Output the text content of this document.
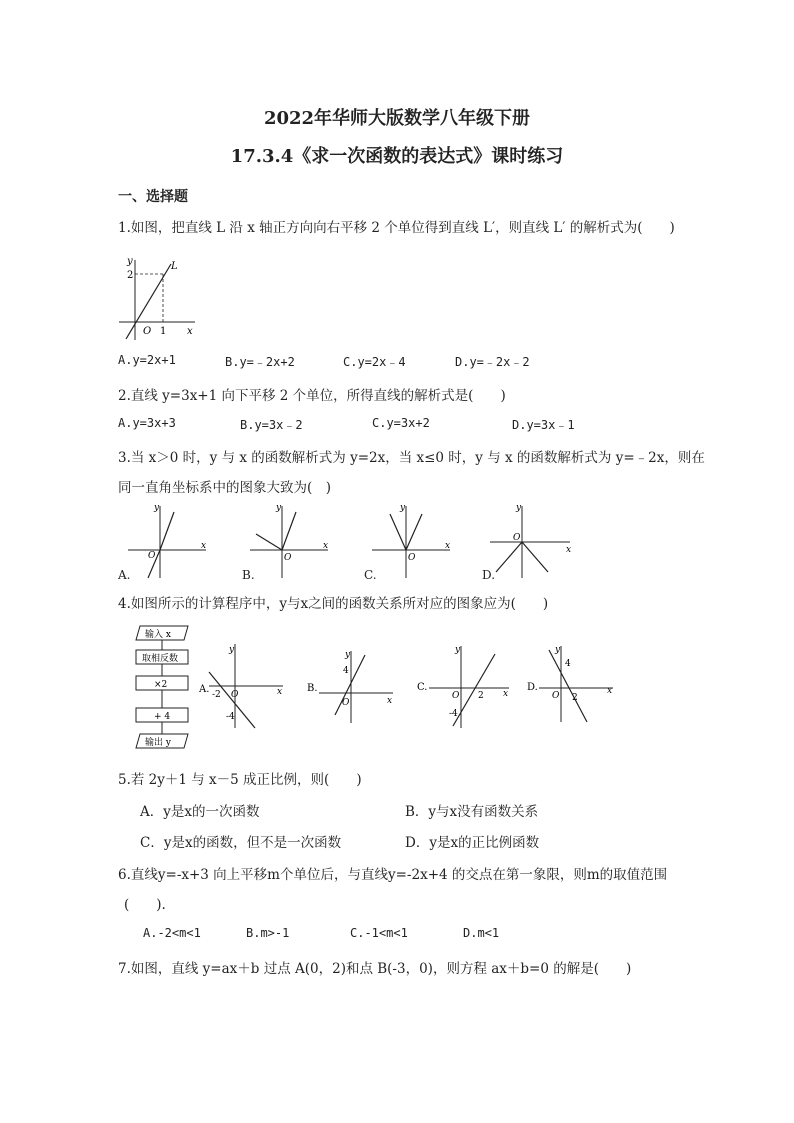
2022年华师大版数学八年级下册
17.3.4《求一次函数的表达式》课时练习
一、选择题
1.如图，把直线 L 沿 x 轴正方向向右平移 2 个单位得到直线 L′，则直线 L′ 的解析式为(　　)
y
2
L
O 1 x
A.y=2x+1	B.y=﹣2x+2	C.y=2x﹣4	D.y=﹣2x﹣2
2.直线 y=3x+1 向下平移 2 个单位，所得直线的解析式是(　　)
A.y=3x+3	B.y=3x﹣2	C.y=3x+2	D.y=3x﹣1
3.当 x＞0 时，y 与 x 的函数解析式为 y=2x，当 x≤0 时，y 与 x 的函数解析式为 y=﹣2x，则在
同一直角坐标系中的图象大致为(　)
y
O
x
A.
y
O
x
B.
y
O
x
C.
y
O
x
D.
4.如图所示的计算程序中，y与x之间的函数关系所对应的图象应为(　　)
输入 x
取相反数
×2
+ 4
输出 y
A.
y
-2 O
-4
x B.
y
4
O	x
C.
y
O 2
-4
x
D.
y
4
O 2
x
5.若 2y＋1 与 x－5 成正比例，则(　　)
A．y是x的一次函数	B．y与x没有函数关系
C．y是x的函数，但不是一次函数	D．y是x的正比例函数
6.直线y=-x+3 向上平移m个单位后，与直线y=-2x+4 的交点在第一象限，则m的取值范围
(　　).
A.-2<m<1	B.m>-1	C.-1<m<1	D.m<1
7.如图，直线 y=ax＋b 过点 A(0，2)和点 B(-3，0)，则方程 ax＋b=0 的解是(　　)
